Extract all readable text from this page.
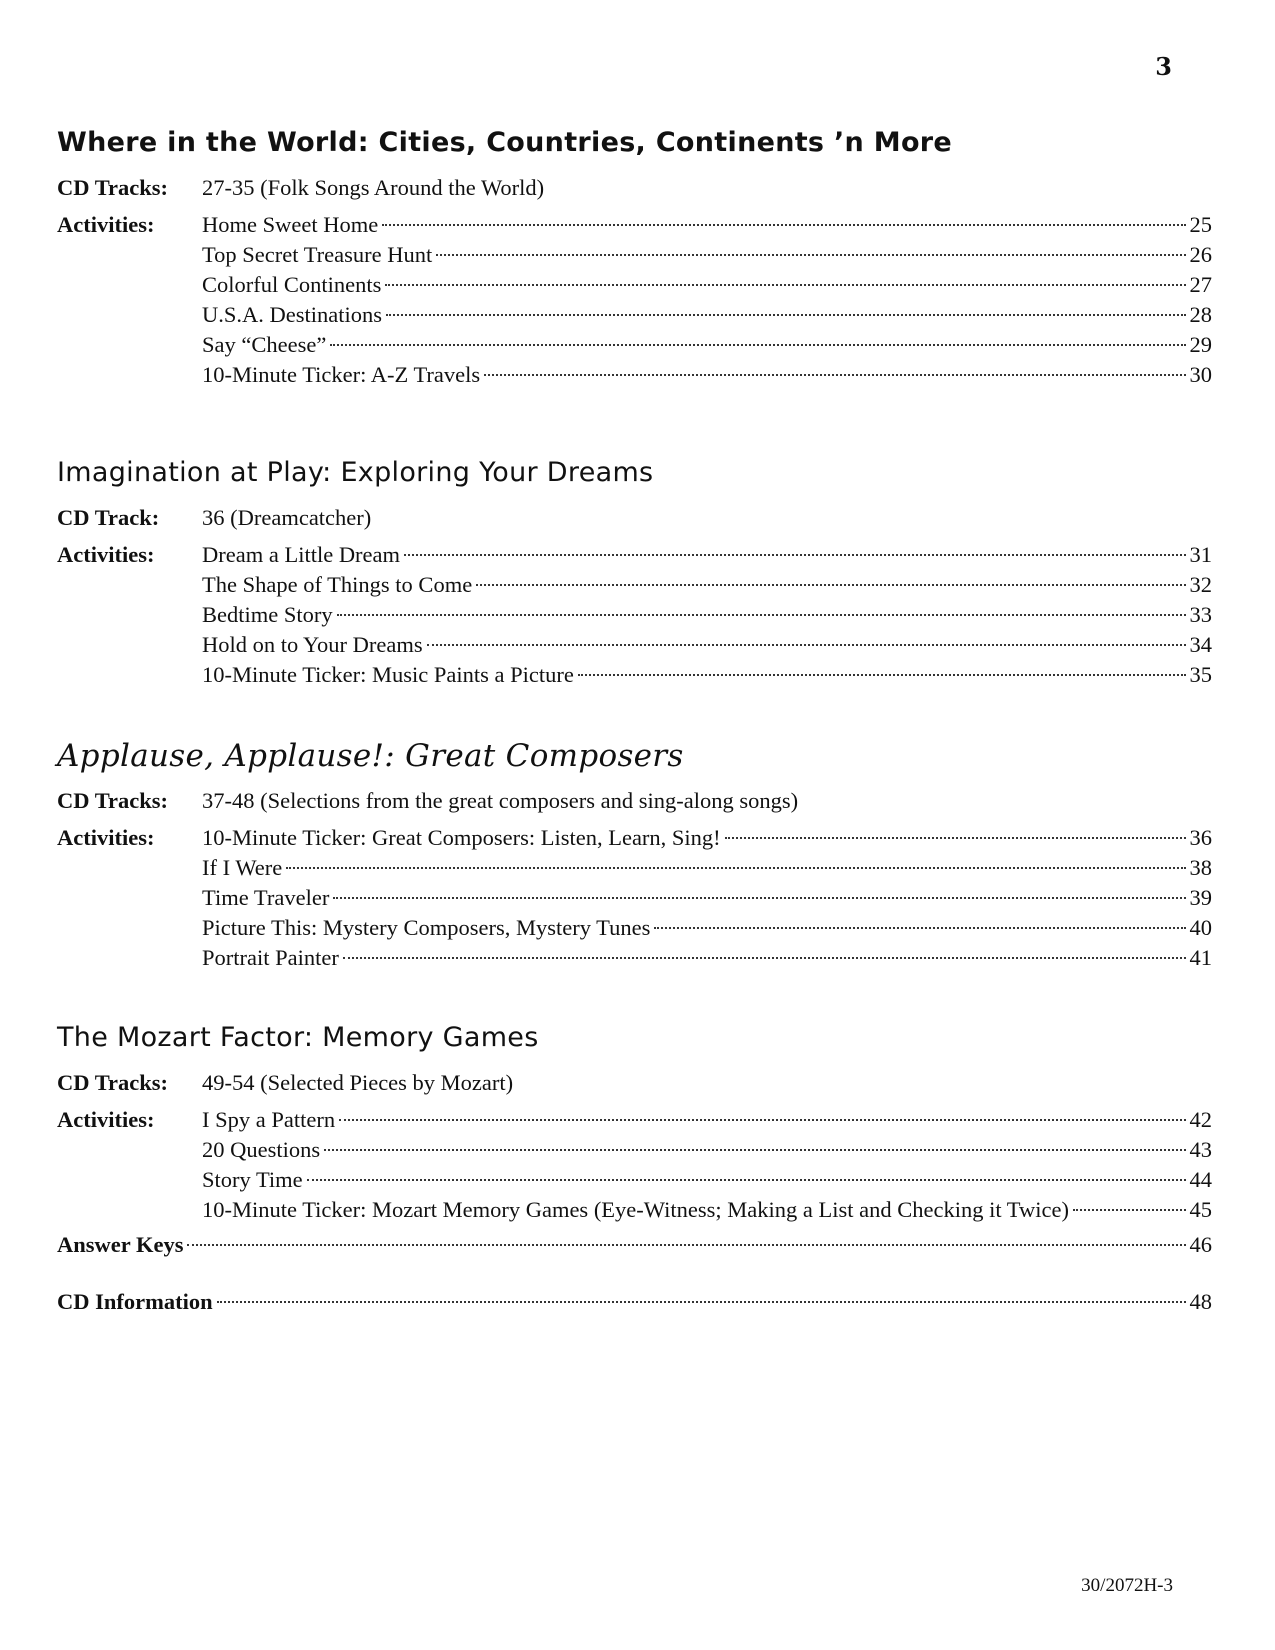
3
Where in the World: Cities, Countries, Continents ’n More
CD Tracks:	27-35 (Folk Songs Around the World)
Activities:	Home Sweet Home	25
Top Secret Treasure Hunt	26
Colorful Continents	27
U.S.A. Destinations	28
Say “Cheese”	29
10-Minute Ticker: A-Z Travels	30
Imagination at Play: Exploring Your Dreams
CD Track:	36 (Dreamcatcher)
Activities:	Dream a Little Dream	31
The Shape of Things to Come	32
Bedtime Story	33
Hold on to Your Dreams	34
10-Minute Ticker: Music Paints a Picture	35
Applause, Applause!: Great Composers
CD Tracks:	37-48 (Selections from the great composers and sing-along songs)
Activities:	10-Minute Ticker: Great Composers: Listen, Learn, Sing!	36
If I Were	38
Time Traveler	39
Picture This: Mystery Composers, Mystery Tunes	40
Portrait Painter	41
The Mozart Factor: Memory Games
CD Tracks:	49-54 (Selected Pieces by Mozart)
Activities:	I Spy a Pattern	42
20 Questions	43
Story Time	44
10-Minute Ticker: Mozart Memory Games (Eye-Witness; Making a List and Checking it Twice)	45
Answer Keys	46
CD Information	48
30/2072H-3
